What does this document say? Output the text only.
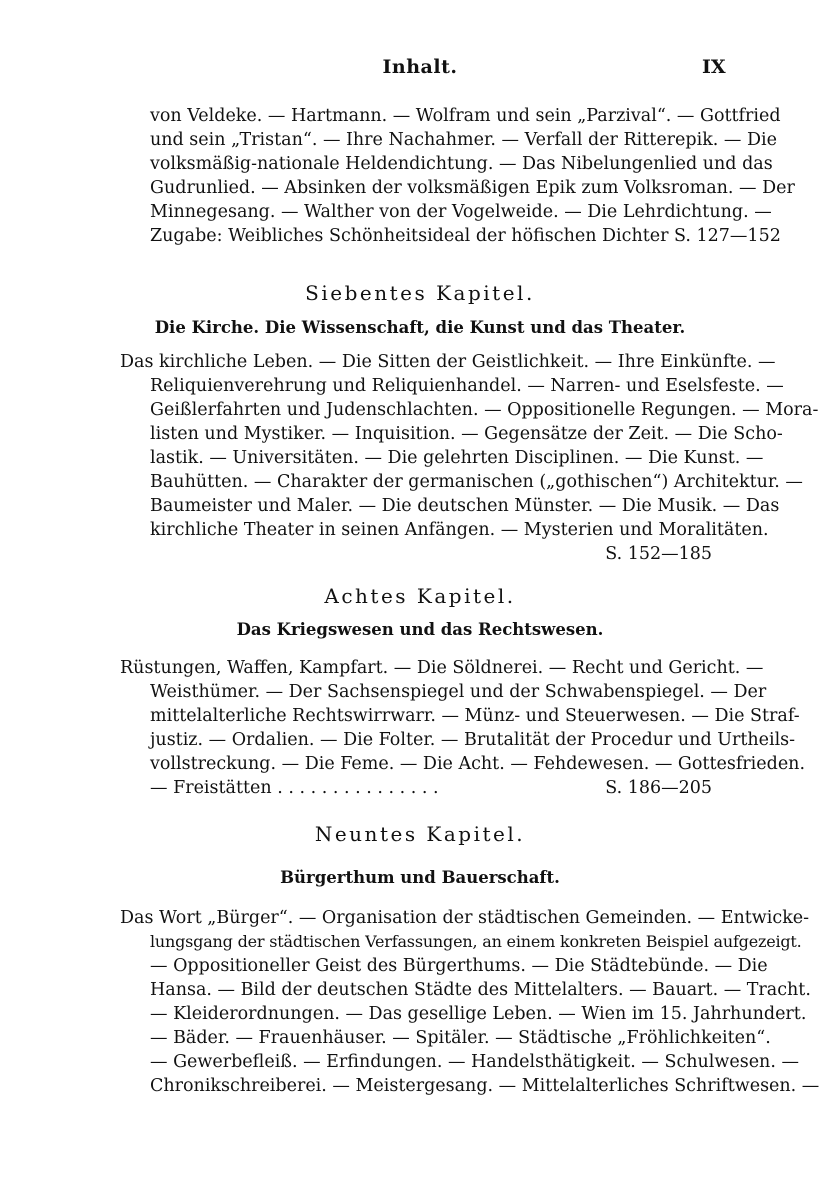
Inhalt.	IX
von Veldeke. — Hartmann. — Wolfram und sein „Parzival“. — Gottfried
und sein „Tristan“. — Ihre Nachahmer. — Verfall der Ritterepik. — Die
volksmäßig-nationale Heldendichtung. — Das Nibelungenlied und das
Gudrunlied. — Absinken der volksmäßigen Epik zum Volksroman. — Der
Minnegesang. — Walther von der Vogelweide. — Die Lehrdichtung. —
Zugabe: Weibliches Schönheitsideal der höfischen Dichter S. 127—152
Siebentes Kapitel.
Die Kirche. Die Wissenschaft, die Kunst und das Theater.
Das kirchliche Leben. — Die Sitten der Geistlichkeit. — Ihre Einkünfte. —
Reliquienverehrung und Reliquienhandel. — Narren- und Eselsfeste. —
Geißlerfahrten und Judenschlachten. — Oppositionelle Regungen. — Mora-
listen und Mystiker. — Inquisition. — Gegensätze der Zeit. — Die Scho-
lastik. — Universitäten. — Die gelehrten Disciplinen. — Die Kunst. —
Bauhütten. — Charakter der germanischen („gothischen“) Architektur. —
Baumeister und Maler. — Die deutschen Münster. — Die Musik. — Das
kirchliche Theater in seinen Anfängen. — Mysterien und Moralitäten.
S. 152—185
Achtes Kapitel.
Das Kriegswesen und das Rechtswesen.
Rüstungen, Waffen, Kampfart. — Die Söldnerei. — Recht und Gericht. —
Weisthümer. — Der Sachsenspiegel und der Schwabenspiegel. — Der
mittelalterliche Rechtswirrwarr. — Münz- und Steuerwesen. — Die Straf-
justiz. — Ordalien. — Die Folter. — Brutalität der Procedur und Urtheils-
vollstreckung. — Die Feme. — Die Acht. — Fehdewesen. — Gottesfrieden.
— Freistätten . . . . . . . . . . . . . . .	S. 186—205
Neuntes Kapitel.
Bürgerthum und Bauerschaft.
Das Wort „Bürger“. — Organisation der städtischen Gemeinden. — Entwicke-
lungsgang der städtischen Verfassungen, an einem konkreten Beispiel aufgezeigt.
— Oppositioneller Geist des Bürgerthums. — Die Städtebünde. — Die
Hansa. — Bild der deutschen Städte des Mittelalters. — Bauart. — Tracht.
— Kleiderordnungen. — Das gesellige Leben. — Wien im 15. Jahrhundert.
— Bäder. — Frauenhäuser. — Spitäler. — Städtische „Fröhlichkeiten“.
— Gewerbefleiß. — Erfindungen. — Handelsthätigkeit. — Schulwesen. —
Chronikschreiberei. — Meistergesang. — Mittelalterliches Schriftwesen. —
